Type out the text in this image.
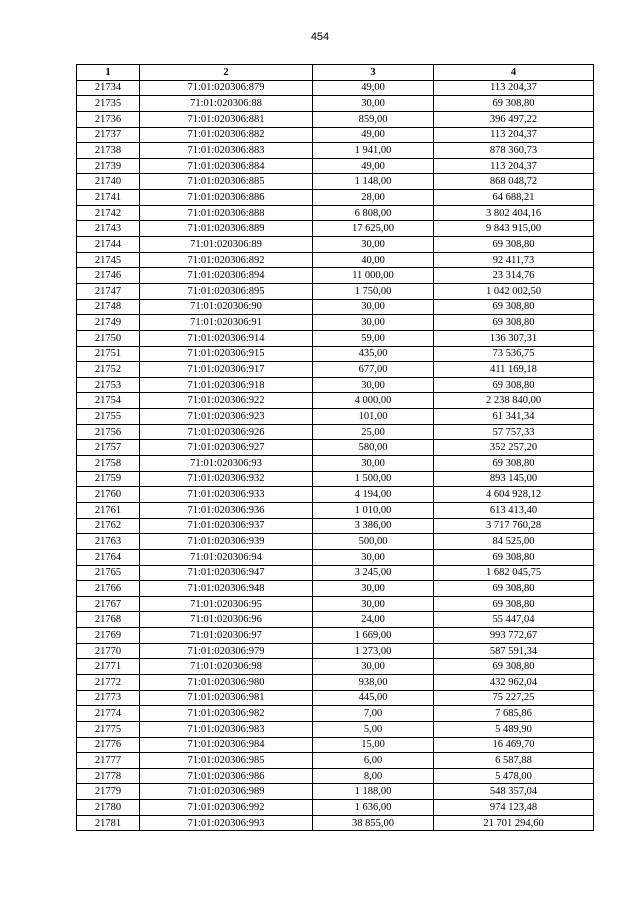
454
1	2	3	4
21734	71:01:020306:879	49,00	113 204,37
21735	71:01:020306:88	30,00	69 308,80
21736	71:01:020306:881	859,00	396 497,22
21737	71:01:020306:882	49,00	113 204,37
21738	71:01:020306:883	1 941,00	878 360,73
21739	71:01:020306:884	49,00	113 204,37
21740	71:01:020306:885	1 148,00	868 048,72
21741	71:01:020306:886	28,00	64 688,21
21742	71:01:020306:888	6 808,00	3 802 404,16
21743	71:01:020306:889	17 625,00	9 843 915,00
21744	71:01:020306:89	30,00	69 308,80
21745	71:01:020306:892	40,00	92 411,73
21746	71:01:020306:894	11 000,00	23 314,76
21747	71:01:020306:895	1 750,00	1 042 002,50
21748	71:01:020306:90	30,00	69 308,80
21749	71:01:020306:91	30,00	69 308,80
21750	71:01:020306:914	59,00	136 307,31
21751	71:01:020306:915	435,00	73 536,75
21752	71:01:020306:917	677,00	411 169,18
21753	71:01:020306:918	30,00	69 308,80
21754	71:01:020306:922	4 000,00	2 238 840,00
21755	71:01:020306:923	101,00	61 341,34
21756	71:01:020306:926	25,00	57 757,33
21757	71:01:020306:927	580,00	352 257,20
21758	71:01:020306:93	30,00	69 308,80
21759	71:01:020306:932	1 500,00	893 145,00
21760	71:01:020306:933	4 194,00	4 604 928,12
21761	71:01:020306:936	1 010,00	613 413,40
21762	71:01:020306:937	3 386,00	3 717 760,28
21763	71:01:020306:939	500,00	84 525,00
21764	71:01:020306:94	30,00	69 308,80
21765	71:01:020306:947	3 245,00	1 682 045,75
21766	71:01:020306:948	30,00	69 308,80
21767	71:01:020306:95	30,00	69 308,80
21768	71:01:020306:96	24,00	55 447,04
21769	71:01:020306:97	1 669,00	993 772,67
21770	71:01:020306:979	1 273,00	587 591,34
21771	71:01:020306:98	30,00	69 308,80
21772	71:01:020306:980	938,00	432 962,04
21773	71:01:020306:981	445,00	75 227,25
21774	71:01:020306:982	7,00	7 685,86
21775	71:01:020306:983	5,00	5 489,90
21776	71:01:020306:984	15,00	16 469,70
21777	71:01:020306:985	6,00	6 587,88
21778	71:01:020306:986	8,00	5 478,00
21779	71:01:020306:989	1 188,00	548 357,04
21780	71:01:020306:992	1 636,00	974 123,48
21781	71:01:020306:993	38 855,00	21 701 294,60
